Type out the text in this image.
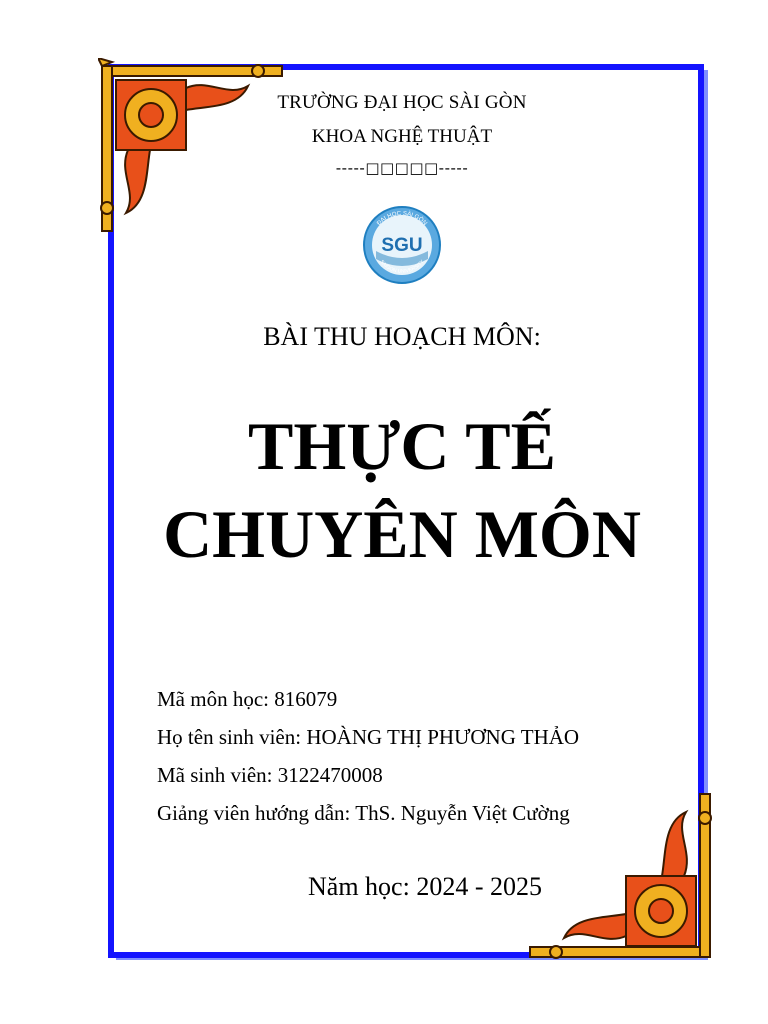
TRƯỜNG ĐẠI HỌC SÀI GÒN
KHOA NGHỆ THUẬT
-----□□□□□-----
SGU
ĐẠI HỌC SÀI GÒN
SAIGON UNIVERSITY
BÀI THU HOẠCH MÔN:
THỰC TẾ
CHUYÊN MÔN
Mã môn học: 816079
Họ tên sinh viên: HOÀNG THỊ PHƯƠNG THẢO
Mã sinh viên: 3122470008
Giảng viên hướng dẫn: ThS. Nguyễn Việt Cường
Năm học: 2024 - 2025
